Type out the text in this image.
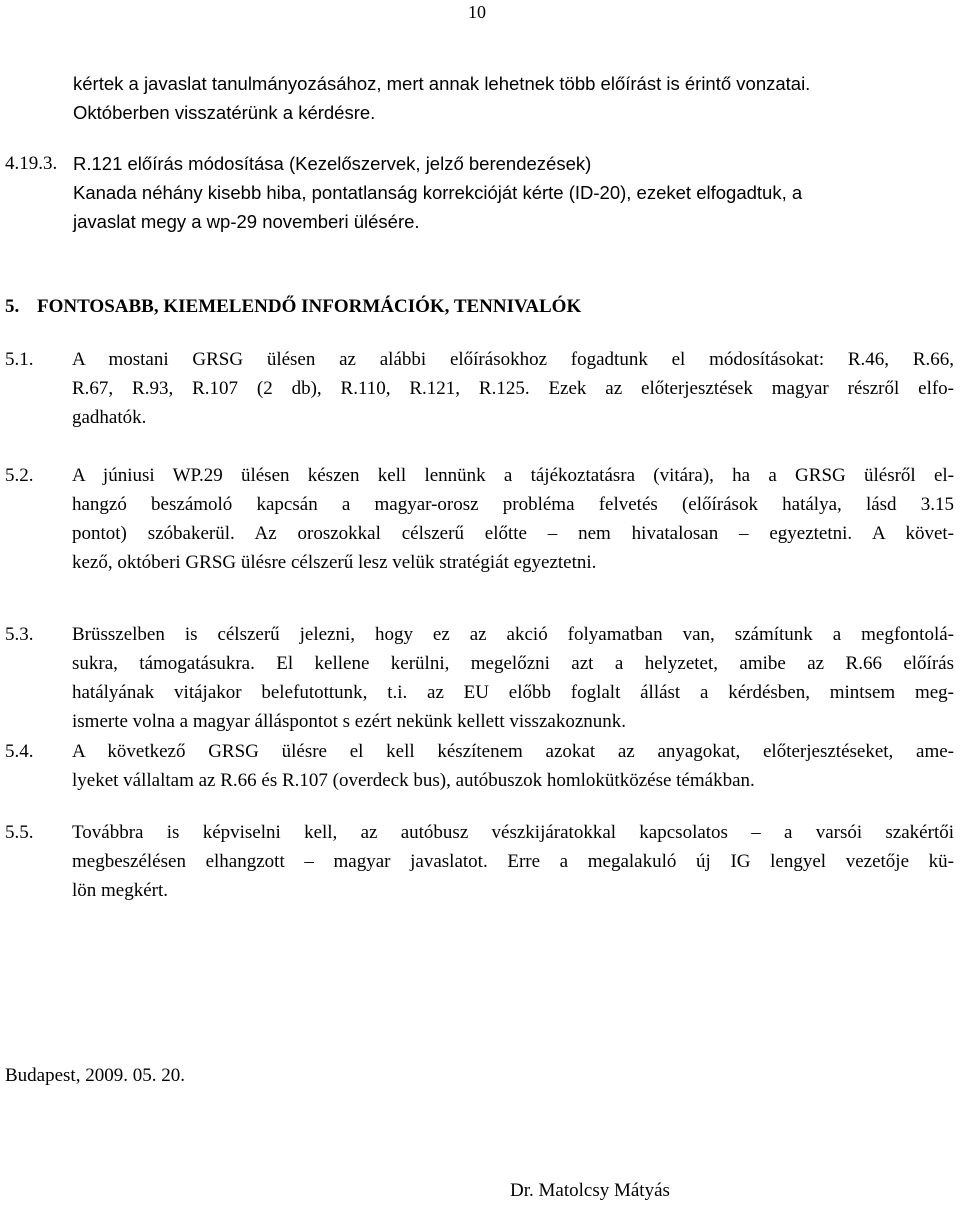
10
kértek a javaslat tanulmányozásához, mert annak lehetnek több előírást is érintő vonzatai.
Októberben visszatérünk a kérdésre.
4.19.3. R.121 előírás módosítása (Kezelőszervek, jelző berendezések)
Kanada néhány kisebb hiba, pontatlanság korrekcióját kérte (ID-20), ezeket elfogadtuk, a
javaslat megy a wp-29 novemberi ülésére.
5. FONTOSABB, KIEMELENDŐ INFORMÁCIÓK, TENNIVALÓK
5.1. A mostani GRSG ülésen az alábbi előírásokhoz fogadtunk el módosításokat: R.46, R.66,
R.67, R.93, R.107 (2 db), R.110, R.121, R.125. Ezek az előterjesztések magyar részről elfo-
gadhatók.
5.2. A júniusi WP.29 ülésen készen kell lennünk a tájékoztatásra (vitára), ha a GRSG ülésről el-
hangzó beszámoló kapcsán a magyar-orosz probléma felvetés (előírások hatálya, lásd 3.15
pontot) szóbakerül. Az oroszokkal célszerű előtte – nem hivatalosan – egyeztetni. A követ-
kező, októberi GRSG ülésre célszerű lesz velük stratégiát egyeztetni.
5.3. Brüsszelben is célszerű jelezni, hogy ez az akció folyamatban van, számítunk a megfontolá-
sukra, támogatásukra. El kellene kerülni, megelőzni azt a helyzetet, amibe az R.66 előírás
hatályának vitájakor belefutottunk, t.i. az EU előbb foglalt állást a kérdésben, mintsem meg-
ismerte volna a magyar álláspontot s ezért nekünk kellett visszakoznunk.
5.4. A következő GRSG ülésre el kell készítenem azokat az anyagokat, előterjesztéseket, ame-
lyeket vállaltam az R.66 és R.107 (overdeck bus), autóbuszok homlokütközése témákban.
5.5. Továbbra is képviselni kell, az autóbusz vészkijáratokkal kapcsolatos – a varsói szakértői
megbeszélésen elhangzott – magyar javaslatot. Erre a megalakuló új IG lengyel vezetője kü-
lön megkért.
Budapest, 2009. 05. 20.
Dr. Matolcsy Mátyás
